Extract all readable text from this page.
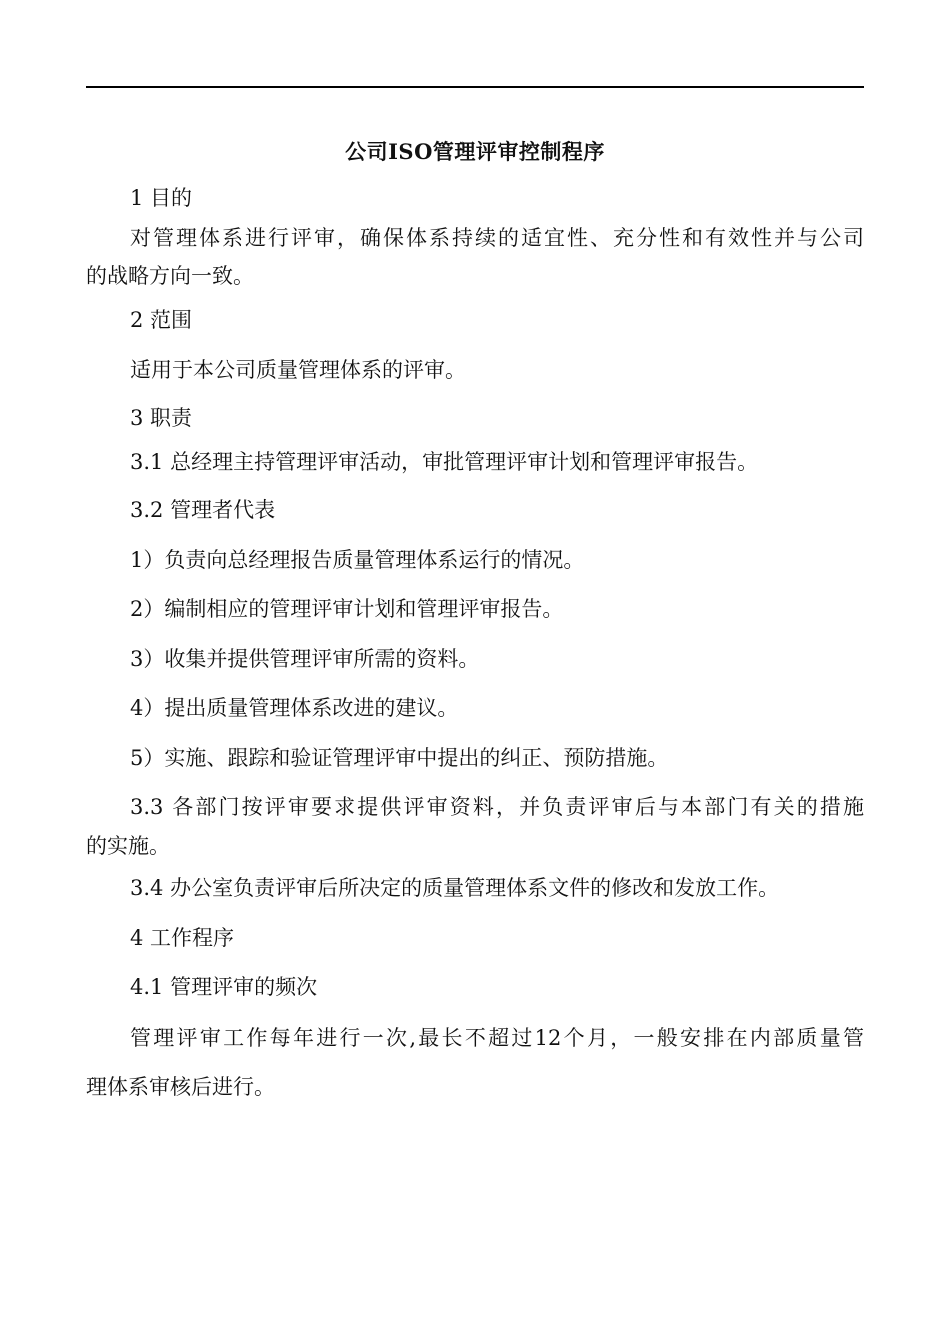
公司ISO管理评审控制程序
1 目的
对管理体系进行评审，确保体系持续的适宜性、充分性和有效性并与公司
的战略方向一致。
2 范围
适用于本公司质量管理体系的评审。
3 职责
3.1 总经理主持管理评审活动，审批管理评审计划和管理评审报告。
3.2 管理者代表
1）负责向总经理报告质量管理体系运行的情况。
2）编制相应的管理评审计划和管理评审报告。
3）收集并提供管理评审所需的资料。
4）提出质量管理体系改进的建议。
5）实施、跟踪和验证管理评审中提出的纠正、预防措施。
3.3 各部门按评审要求提供评审资料，并负责评审后与本部门有关的措施
的实施。
3.4 办公室负责评审后所决定的质量管理体系文件的修改和发放工作。
4 工作程序
4.1 管理评审的频次
管理评审工作每年进行一次,最长不超过12个月，一般安排在内部质量管
理体系审核后进行。
